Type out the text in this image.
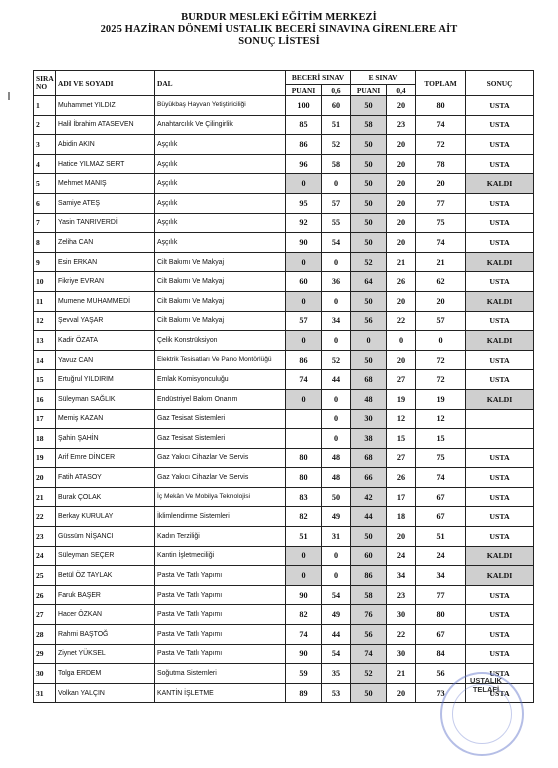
BURDUR MESLEKİ EĞİTİM MERKEZİ
2025 HAZİRAN DÖNEMİ USTALIK BECERİ SINAVINA GİRENLERE AİT
SONUÇ LİSTESİ
SIRA NO	ADI VE SOYADI	DAL	BECERİ SINAV		E SINAV		TOPLAM	SONUÇ
			PUANI	0,6	PUANI	0,4		
1	Muhammet YILDIZ	Büyükbaş Hayvan Yetiştiriciliği	100	60	50	20	80	USTA
2	Halil İbrahim ATASEVEN	Anahtarcılık Ve Çilingirlik	85	51	58	23	74	USTA
3	Abidin AKIN	Aşçılık	86	52	50	20	72	USTA
4	Hatice YILMAZ SERT	Aşçılık	96	58	50	20	78	USTA
5	Mehmet MANIŞ	Aşçılık	0	0	50	20	20	KALDI
6	Samiye ATEŞ	Aşçılık	95	57	50	20	77	USTA
7	Yasin TANRIVERDİ	Aşçılık	92	55	50	20	75	USTA
8	Zeliha CAN	Aşçılık	90	54	50	20	74	USTA
9	Esin ERKAN	Cilt Bakımı Ve Makyaj	0	0	52	21	21	KALDI
10	Fikriye EVRAN	Cilt Bakımı Ve Makyaj	60	36	64	26	62	USTA
11	Mumene MUHAMMEDİ	Cilt Bakımı Ve Makyaj	0	0	50	20	20	KALDI
12	Şevval YAŞAR	Cilt Bakımı Ve Makyaj	57	34	56	22	57	USTA
13	Kadir ÖZATA	Çelik Konstrüksiyon	0	0	0	0	0	KALDI
14	Yavuz CAN	Elektrik Tesisatları Ve Pano Montörlüğü	86	52	50	20	72	USTA
15	Ertuğrul YILDIRIM	Emlak Komisyonculuğu	74	44	68	27	72	USTA
16	Süleyman SAĞLIK	Endüstriyel Bakım Onarım	0	0	48	19	19	KALDI
17	Memiş KAZAN	Gaz Tesisat Sistemleri		0	30	12	12	
18	Şahin ŞAHİN	Gaz Tesisat Sistemleri		0	38	15	15	
19	Arif Emre DİNCER	Gaz Yakıcı Cihazlar Ve Servis	80	48	68	27	75	USTA
20	Fatih ATASOY	Gaz Yakıcı Cihazlar Ve Servis	80	48	66	26	74	USTA
21	Burak ÇOLAK	İç Mekân Ve Mobilya Teknolojisi	83	50	42	17	67	USTA
22	Berkay KURULAY	İklimlendirme Sistemleri	82	49	44	18	67	USTA
23	Güssüm NİŞANCI	Kadın Terziliği	51	31	50	20	51	USTA
24	Süleyman SEÇER	Kantin İşletmeciliği	0	0	60	24	24	KALDI
25	Betül ÖZ TAYLAK	Pasta Ve Tatlı Yapımı	0	0	86	34	34	KALDI
26	Faruk BAŞER	Pasta Ve Tatlı Yapımı	90	54	58	23	77	USTA
27	Hacer ÖZKAN	Pasta Ve Tatlı Yapımı	82	49	76	30	80	USTA
28	Rahmi BAŞTOĞ	Pasta Ve Tatlı Yapımı	74	44	56	22	67	USTA
29	Ziynet YÜKSEL	Pasta Ve Tatlı Yapımı	90	54	74	30	84	USTA
30	Tolga ERDEM	Soğutma Sistemleri	59	35	52	21	56	USTA
31	Volkan YALÇIN	KANTİN İŞLETME	89	53	50	20	73	USTA
USTALIK
TELAFİ
